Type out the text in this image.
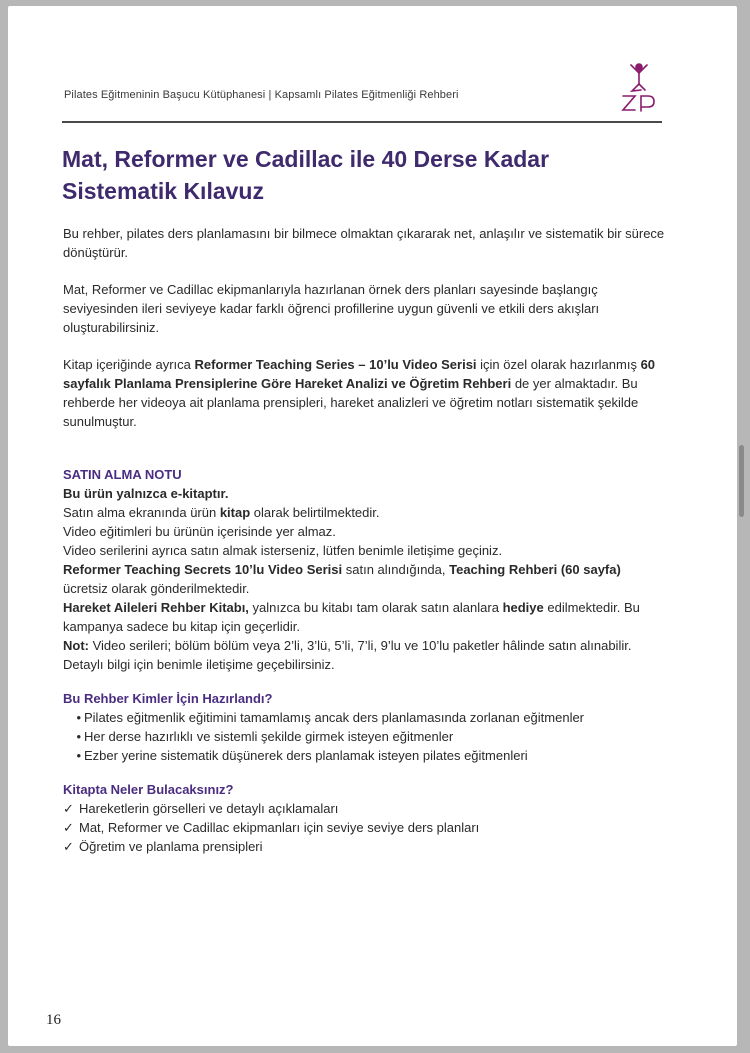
Pilates Eğitmeninin Başucu Kütüphanesi | Kapsamlı Pilates Eğitmenliği Rehberi
Mat, Reformer ve Cadillac ile 40 Derse Kadar
Sistematik Kılavuz

Bu rehber, pilates ders planlamasını bir bilmece olmaktan çıkararak net, anlaşılır ve sistematik bir sürece dönüştürür.

Mat, Reformer ve Cadillac ekipmanlarıyla hazırlanan örnek ders planları sayesinde başlangıç seviyesinden ileri seviyeye kadar farklı öğrenci profillerine uygun güvenli ve etkili ders akışları oluşturabilirsiniz.

Kitap içeriğinde ayrıca Reformer Teaching Series – 10’lu Video Serisi için özel olarak hazırlanmış 60 sayfalık Planlama Prensiplerine Göre Hareket Analizi ve Öğretim Rehberi de yer almaktadır. Bu rehberde her videoya ait planlama prensipleri, hareket analizleri ve öğretim notları sistematik şekilde sunulmuştur.

SATIN ALMA NOTU

Bu ürün yalnızca e-kitaptır.

Satın alma ekranında ürün kitap olarak belirtilmektedir.

Video eğitimleri bu ürünün içerisinde yer almaz.

Video serilerini ayrıca satın almak isterseniz, lütfen benimle iletişime geçiniz.

Reformer Teaching Secrets 10’lu Video Serisi satın alındığında, Teaching Rehberi (60 sayfa) ücretsiz olarak gönderilmektedir.

Hareket Aileleri Rehber Kitabı, yalnızca bu kitabı tam olarak satın alanlara hediye edilmektedir. Bu kampanya sadece bu kitap için geçerlidir.

Not: Video serileri; bölüm bölüm veya 2’li, 3’lü, 5’li, 7’li, 9’lu ve 10’lu paketler hâlinde satın alınabilir. Detaylı bilgi için benimle iletişime geçebilirsiniz.

Bu Rehber Kimler İçin Hazırlandı?

• Pilates eğitmenlik eğitimini tamamlamış ancak ders planlamasında zorlanan eğitmenler
• Her derse hazırlıklı ve sistemli şekilde girmek isteyen eğitmenler
• Ezber yerine sistematik düşünerek ders planlamak isteyen pilates eğitmenleri

Kitapta Neler Bulacaksınız?

✓ Hareketlerin görselleri ve detaylı açıklamaları
✓ Mat, Reformer ve Cadillac ekipmanları için seviye seviye ders planları
✓ Öğretim ve planlama prensipleri
16
